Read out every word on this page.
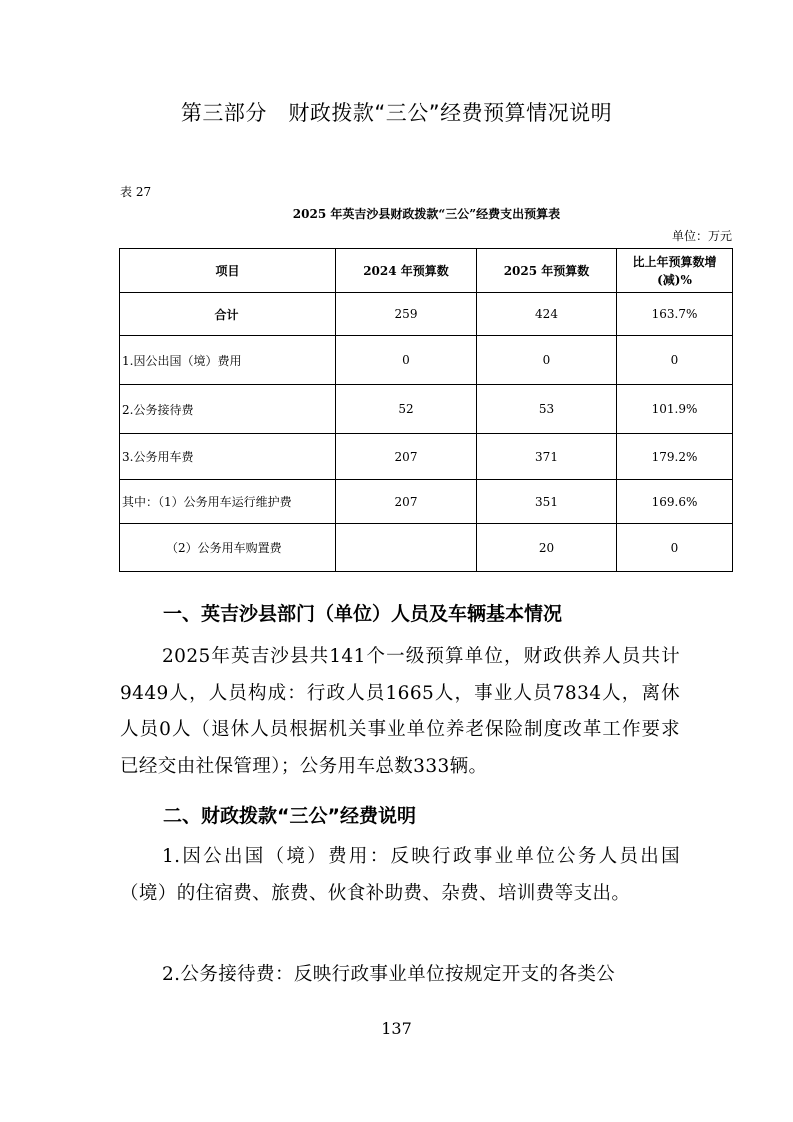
第三部分　财政拨款“三公”经费预算情况说明
表 27
2025 年英吉沙县财政拨款“三公”经费支出预算表
单位：万元
项目	2024 年预算数	2025 年预算数	比上年预算数增(减)%
合计	259	424	163.7%
1.因公出国（境）费用	0	0	0
2.公务接待费	52	53	101.9%
3.公务用车费	207	371	179.2%
其中：（1）公务用车运行维护费	207	351	169.6%
（2）公务用车购置费		20	0
一、英吉沙县部门（单位）人员及车辆基本情况
2025年英吉沙县共141个一级预算单位，财政供养人员共计9449人，人员构成：行政人员1665人，事业人员7834人，离休人员0人（退休人员根据机关事业单位养老保险制度改革工作要求已经交由社保管理）；公务用车总数333辆。
二、财政拨款“三公”经费说明
1.因公出国（境）费用：反映行政事业单位公务人员出国（境）的住宿费、旅费、伙食补助费、杂费、培训费等支出。
2.公务接待费：反映行政事业单位按规定开支的各类公
137
